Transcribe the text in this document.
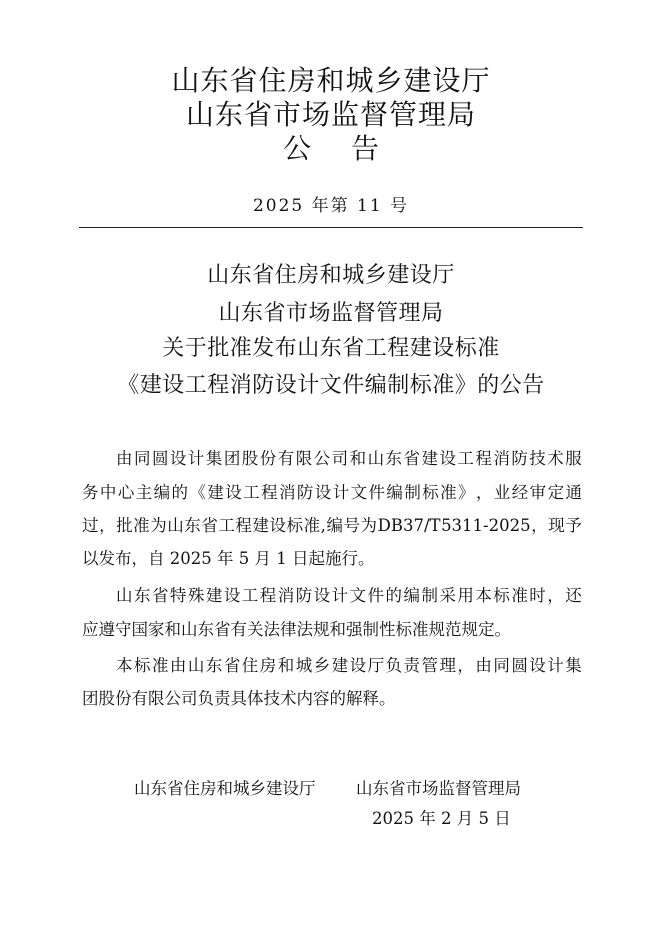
山东省住房和城乡建设厅
山东省市场监督管理局
公告
2025 年第 11 号
山东省住房和城乡建设厅
山东省市场监督管理局
关于批准发布山东省工程建设标准
《建设工程消防设计文件编制标准》的公告
由 同 圆 设 计 集 团 股 份 有 限 公 司 和 山 东 省 建 设 工 程 消 防 技 术 服
务 中 心 主 编 的 《 建 设 工 程 消 防 设 计 文 件 编 制 标 准 》 ， 业 经 审 定 通
过 ， 批 准 为 山 东 省 工 程 建 设 标 准 , 编 号 为 DB37/T 5311-2025 ， 现 予
以发布，自 2025 年 5 月 1 日起施行。
山 东 省 特 殊 建 设 工 程 消 防 设 计 文 件 的 编 制 采 用 本 标 准 时 ， 还
应遵守国家和山东省有关法律法规和强制性标准规范规定。
本 标 准 由 山 东 省 住 房 和 城 乡 建 设 厅 负 责 管 理 ， 由 同 圆 设 计 集
团股份有限公司负责具体技术内容的解释。
山东省住房和城乡建设厅 山东省市场监督管理局
2025 年 2 月 5 日
